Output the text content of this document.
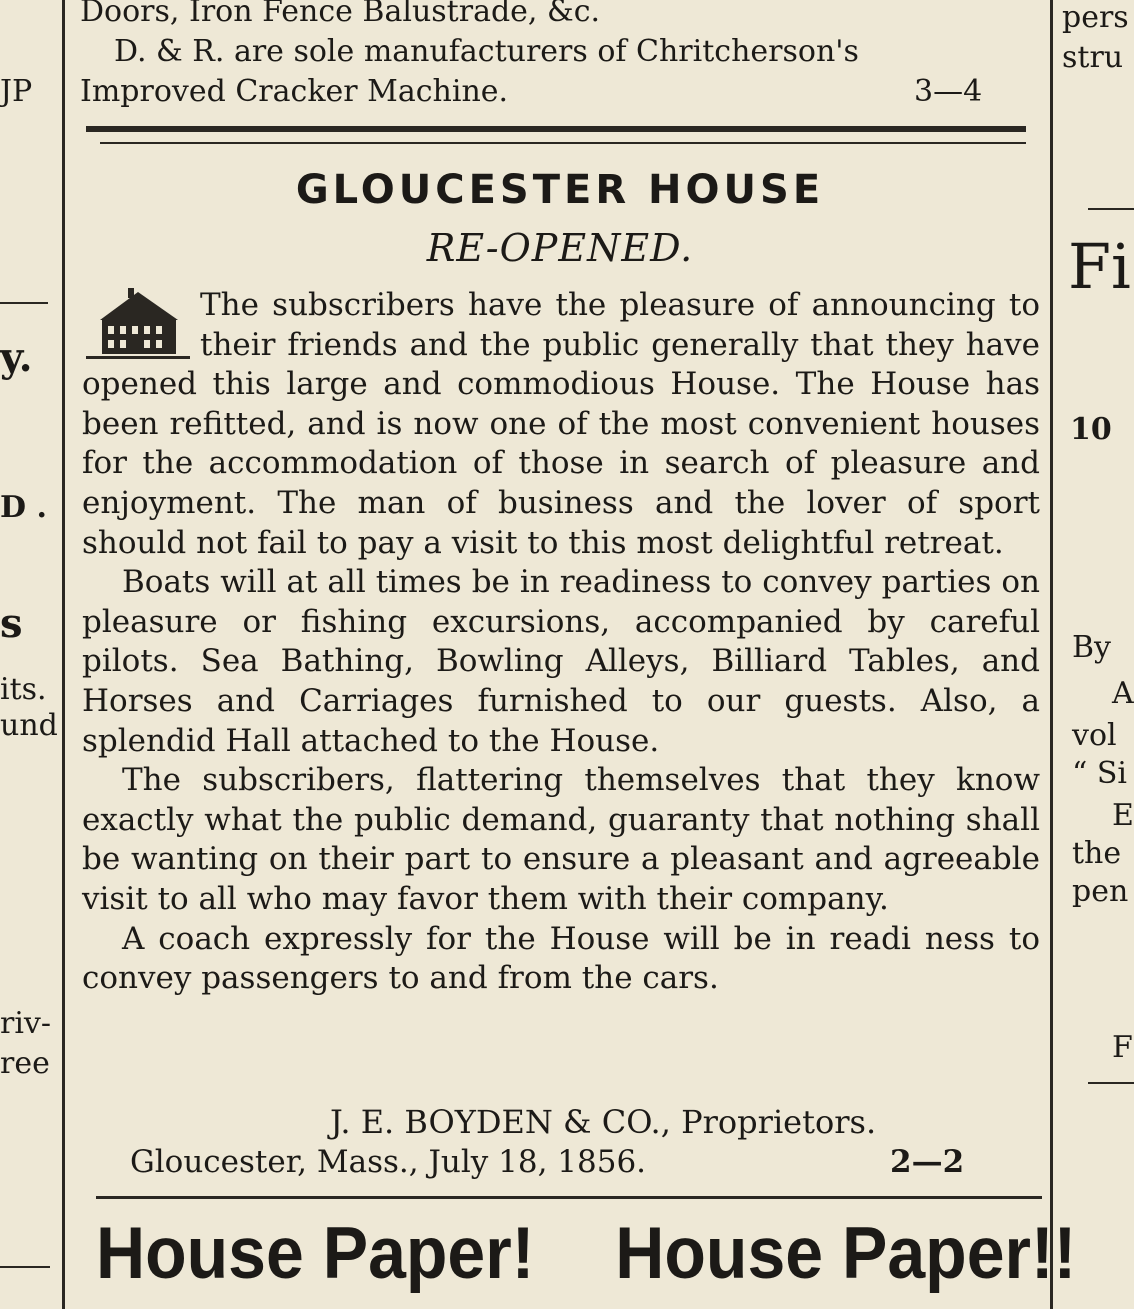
JP
y.
D .
s
its.
und
riv-
ree
pers
stru
Fi
10
By
A
vol
“ Si
E
the
pen
F
Doors, Iron Fence Balustrade, &c.
D. & R. are sole manufacturers of Chritcherson's
Improved Cracker Machine.	3—4
GLOUCESTER HOUSE
RE-OPENED.

The subscribers have the pleasure of announcing to their friends and the public generally that they have opened this large and commodious House. The House has been refitted, and is now one of the most convenient houses for the accommodation of those in search of pleasure and enjoyment. The man of business and the lover of sport should not fail to pay a visit to this most delightful retreat.

Boats will at all times be in readiness to convey parties on pleasure or fishing excursions, accompanied by careful pilots. Sea Bathing, Bowling Alleys, Billiard Tables, and Horses and Carriages furnished to our guests. Also, a splendid Hall attached to the House.

The subscribers, flattering themselves that they know exactly what the public demand, guaranty that nothing shall be wanting on their part to ensure a pleasant and agreeable visit to all who may favor them with their company.

A coach expressly for the House will be in readi ness to convey passengers to and from the cars.

J. E. BOYDEN & CO., Proprietors.
Gloucester, Mass., July 18, 1856.	2—2
House Paper! House Paper!!
